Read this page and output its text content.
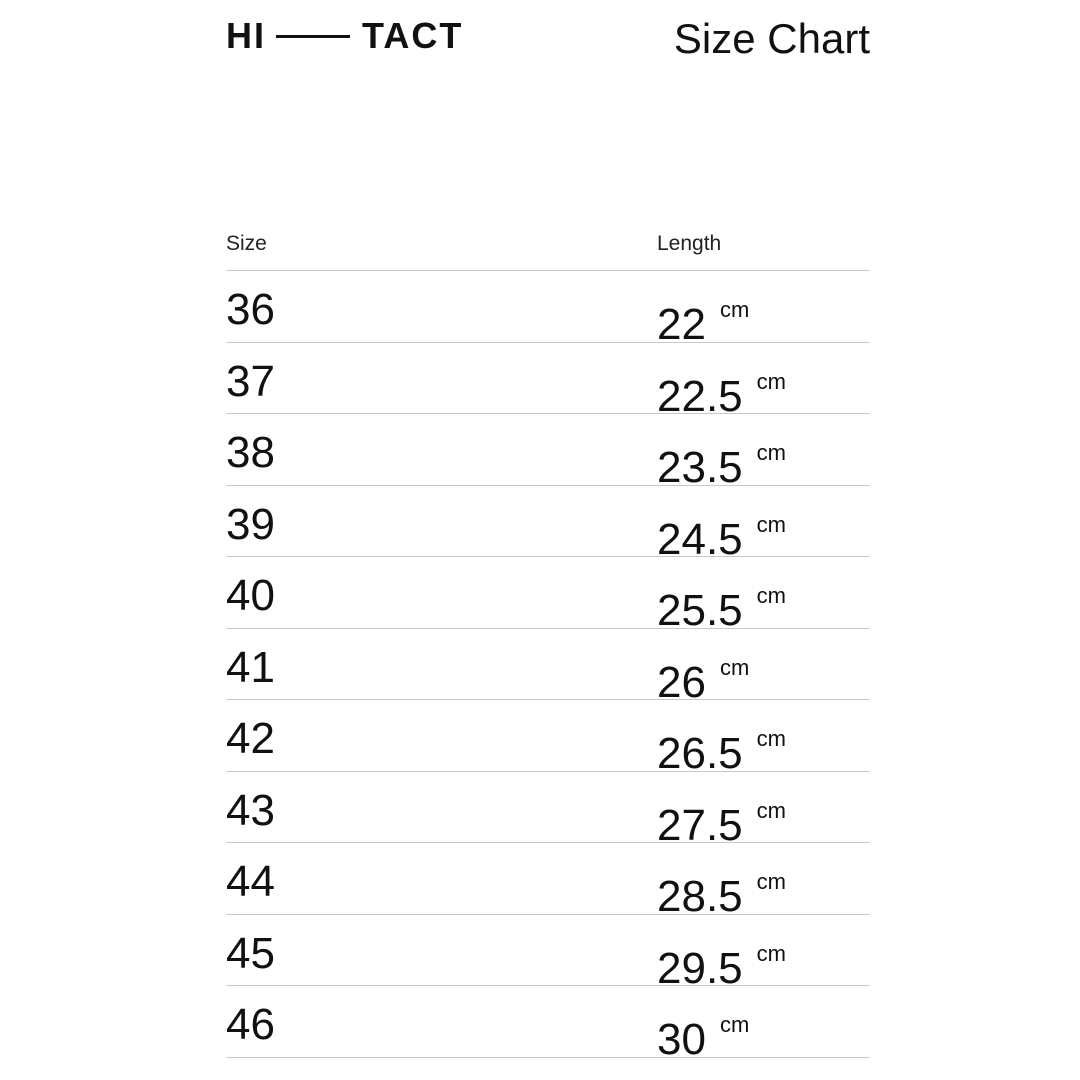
HI	TACT	Size Chart
Size	Length
36	22 $^{cm}$
37	22.5 $^{cm}$
38	23.5 $^{cm}$
39	24.5 $^{cm}$
40	25.5 $^{cm}$
41	26 $^{cm}$
42	26.5 $^{cm}$
43	27.5 $^{cm}$
44	28.5 $^{cm}$
45	29.5 $^{cm}$
46	30 $^{cm}$
